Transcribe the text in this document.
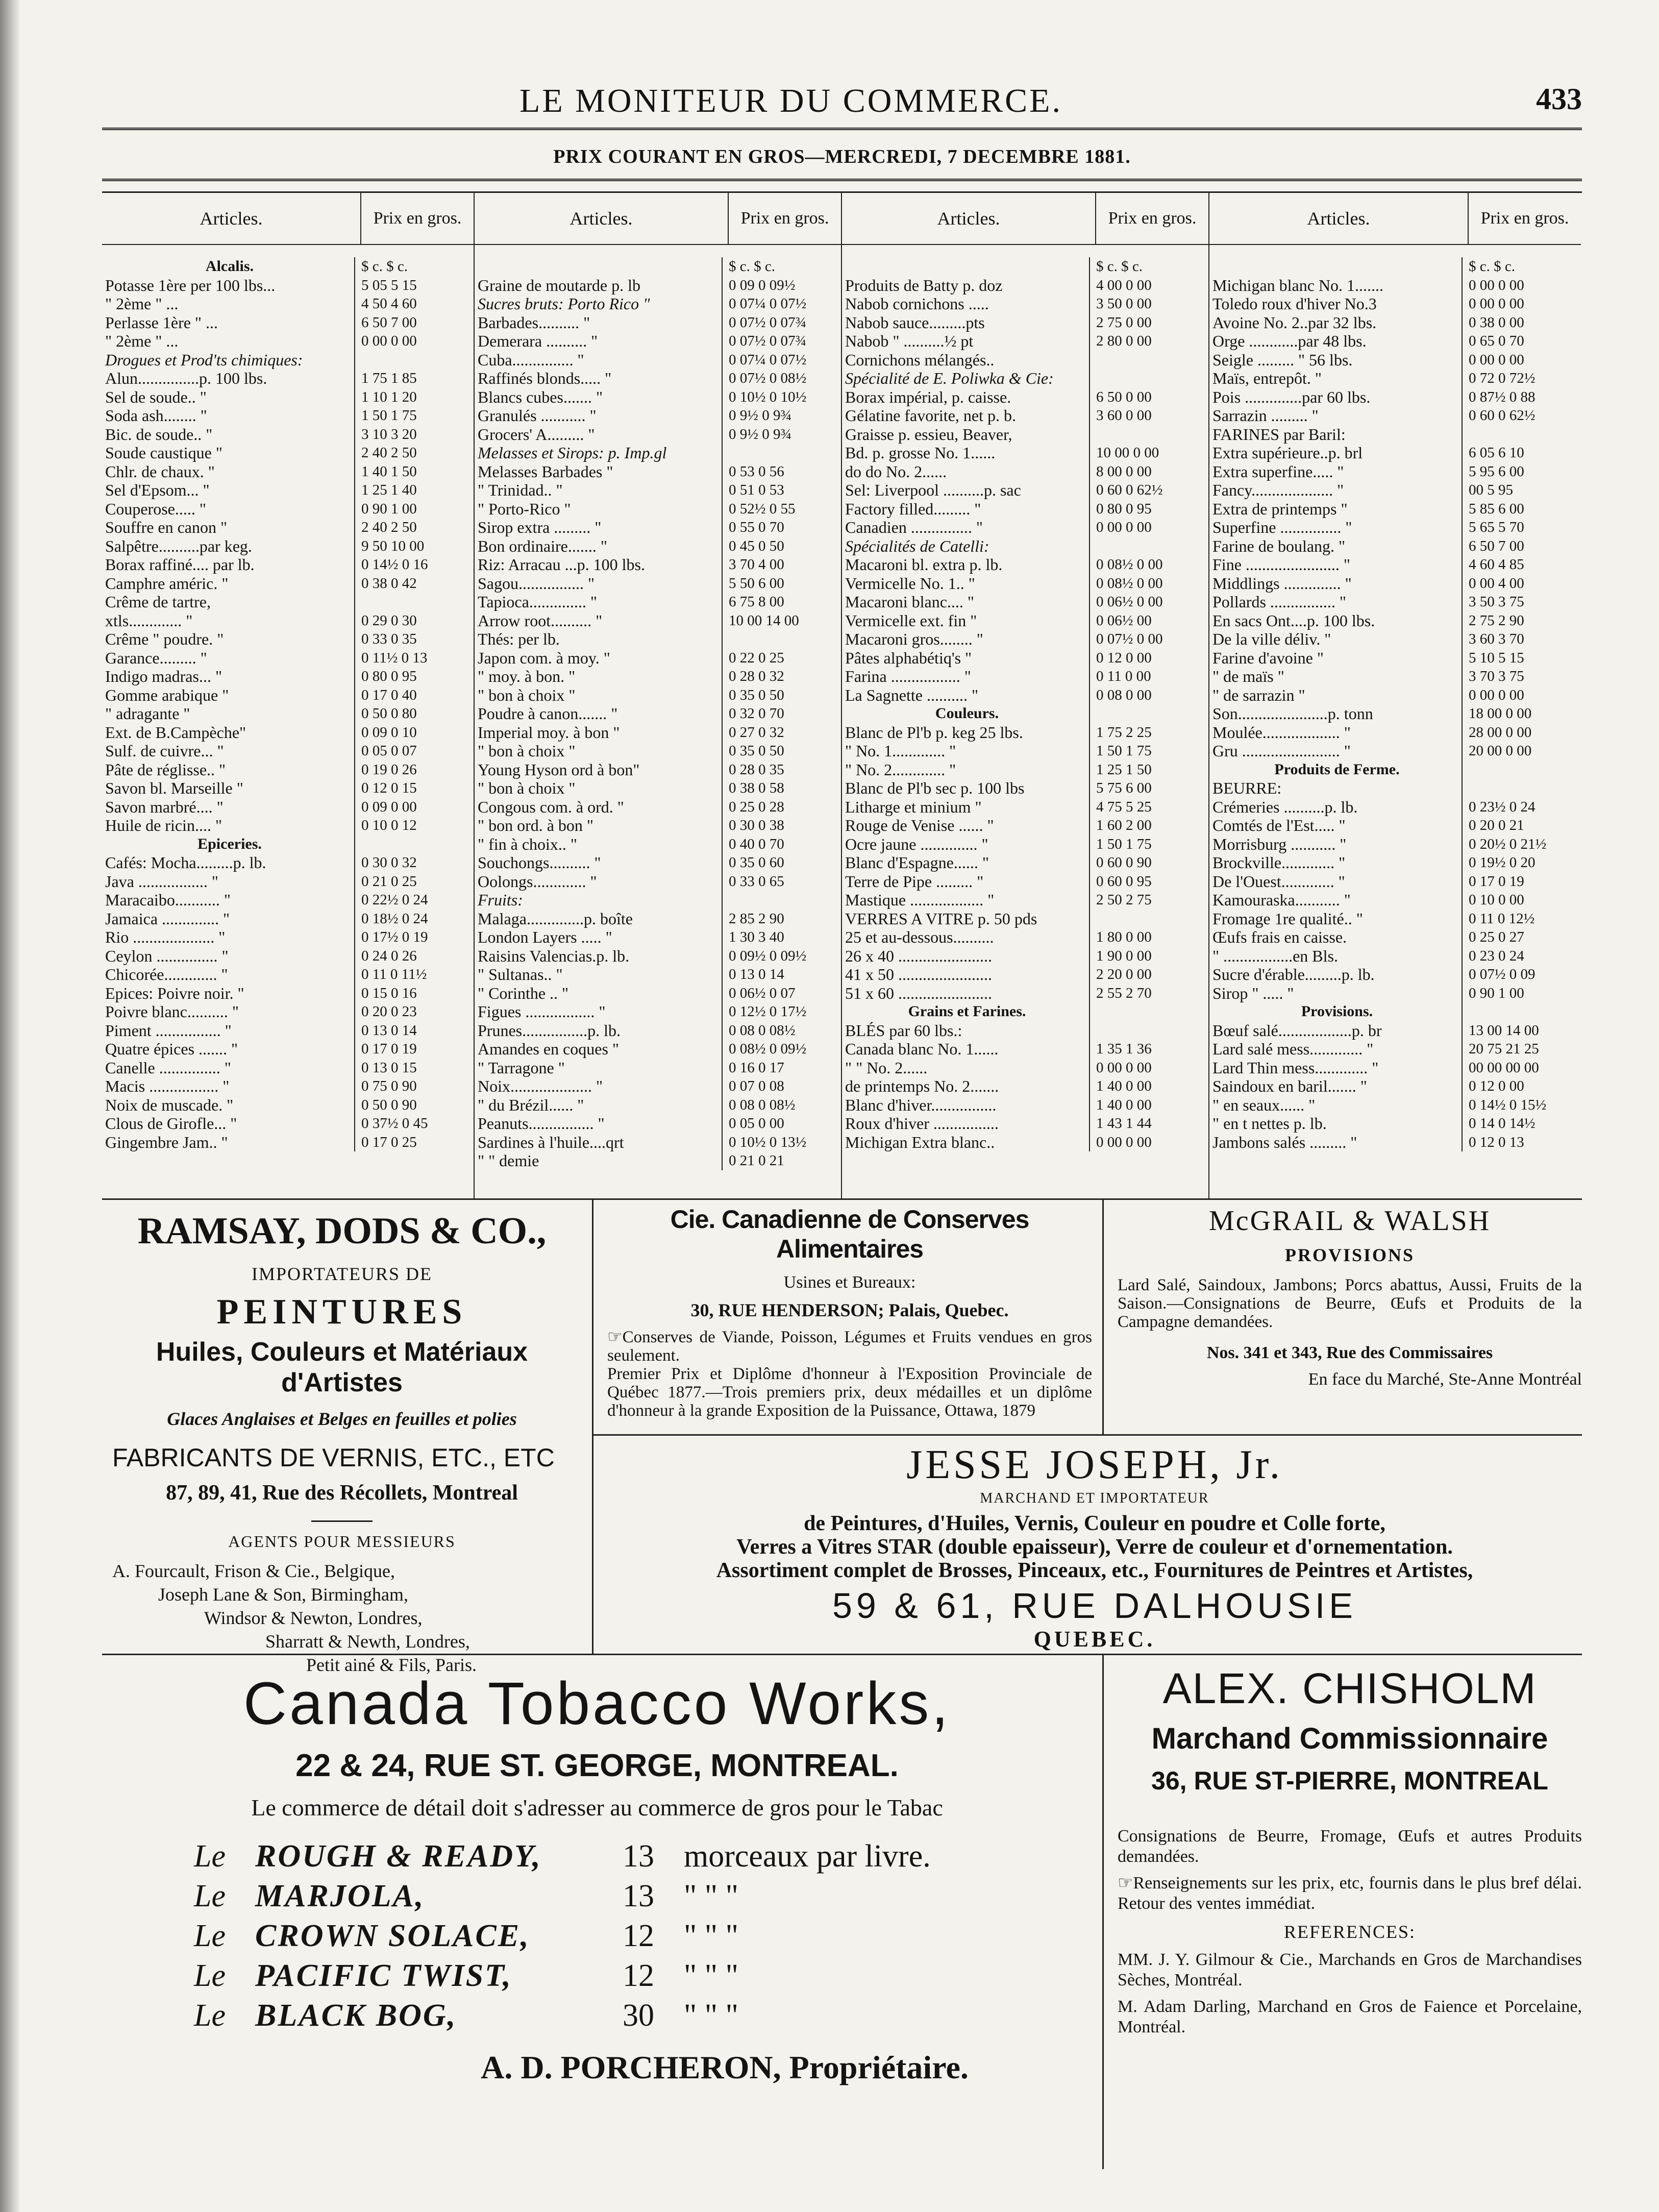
LE MONITEUR DU COMMERCE.	433
PRIX COURANT EN GROS—MERCREDI, 7 DECEMBRE 1881.
Articles.	Prix en gros.
Alcalis.	$ c. $ c.
Potasse 1ère per 100 lbs...	5 05 5 15
" 2ème " ...	4 50 4 60
Perlasse 1ère " ...	6 50 7 00
" 2ème " ...	0 00 0 00
Drogues et Prod'ts chimiques:
Alun...............p. 100 lbs.	1 75 1 85
Sel de soude.. "	1 10 1 20
Soda ash........ "	1 50 1 75
Bic. de soude.. "	3 10 3 20
Soude caustique "	2 40 2 50
Chlr. de chaux. "	1 40 1 50
Sel d'Epsom... "	1 25 1 40
Couperose..... "	0 90 1 00
Souffre en canon "	2 40 2 50
Salpêtre..........par keg.	9 50 10 00
Borax raffiné.... par lb.	0 14½ 0 16
Camphre améric. "	0 38 0 42
Crême de tartre,
xtls............. "	0 29 0 30
Crême " poudre. "	0 33 0 35
Garance......... "	0 11½ 0 13
Indigo madras... "	0 80 0 95
Gomme arabique "	0 17 0 40
" adragante "	0 50 0 80
Ext. de B.Campèche"	0 09 0 10
Sulf. de cuivre... "	0 05 0 07
Pâte de réglisse.. "	0 19 0 26
Savon bl. Marseille "	0 12 0 15
Savon marbré.... "	0 09 0 00
Huile de ricin.... "	0 10 0 12
Epiceries.
Cafés: Mocha.........p. lb.	0 30 0 32
Java ................. "	0 21 0 25
Maracaibo........... "	0 22½ 0 24
Jamaica .............. "	0 18½ 0 24
Rio .................... "	0 17½ 0 19
Ceylon ............... "	0 24 0 26
Chicorée............. "	0 11 0 11½
Epices: Poivre noir. "	0 15 0 16
Poivre blanc.......... "	0 20 0 23
Piment ................ "	0 13 0 14
Quatre épices ....... "	0 17 0 19
Canelle ............... "	0 13 0 15
Macis ................. "	0 75 0 90
Noix de muscade. "	0 50 0 90
Clous de Girofle... "	0 37½ 0 45
Gingembre Jam.. "	0 17 0 25
Articles.	Prix en gros.
$ c. $ c.
Graine de moutarde p. lb	0 09 0 09½
Sucres bruts: Porto Rico "	0 07¼ 0 07½
Barbades.......... "	0 07½ 0 07¾
Demerara .......... "	0 07½ 0 07¾
Cuba............... "	0 07¼ 0 07½
Raffinés blonds..... "	0 07½ 0 08½
Blancs cubes....... "	0 10½ 0 10½
Granulés ........... "	0 9½ 0 9¾
Grocers' A......... "	0 9½ 0 9¾
Melasses et Sirops: p. Imp.gl
Melasses Barbades "	0 53 0 56
" Trinidad.. "	0 51 0 53
" Porto-Rico "	0 52½ 0 55
Sirop extra ......... "	0 55 0 70
Bon ordinaire....... "	0 45 0 50
Riz: Arracau ...p. 100 lbs.	3 70 4 00
Sagou................ "	5 50 6 00
Tapioca.............. "	6 75 8 00
Arrow root.......... "	10 00 14 00
Thés: per lb.
Japon com. à moy. "	0 22 0 25
" moy. à bon. "	0 28 0 32
" bon à choix "	0 35 0 50
Poudre à canon....... "	0 32 0 70
Imperial moy. à bon "	0 27 0 32
" bon à choix "	0 35 0 50
Young Hyson ord à bon"	0 28 0 35
" bon à choix "	0 38 0 58
Congous com. à ord. "	0 25 0 28
" bon ord. à bon "	0 30 0 38
" fin à choix.. "	0 40 0 70
Souchongs.......... "	0 35 0 60
Oolongs............. "	0 33 0 65
Fruits:
Malaga..............p. boîte	2 85 2 90
London Layers ..... "	1 30 3 40
Raisins Valencias.p. lb.	0 09½ 0 09½
" Sultanas.. "	0 13 0 14
" Corinthe .. "	0 06½ 0 07
Figues ................. "	0 12½ 0 17½
Prunes................p. lb.	0 08 0 08½
Amandes en coques "	0 08½ 0 09½
" Tarragone "	0 16 0 17
Noix.................... "	0 07 0 08
" du Brézil...... "	0 08 0 08½
Peanuts................ "	0 05 0 00
Sardines à l'huile....qrt	0 10½ 0 13½
" " demie	0 21 0 21
Articles.	Prix en gros.
$ c. $ c.
Produits de Batty p. doz	4 00 0 00
Nabob cornichons .....	3 50 0 00
Nabob sauce.........pts	2 75 0 00
Nabob " ..........½ pt	2 80 0 00
Cornichons mélangés..
Spécialité de E. Poliwka & Cie:
Borax impérial, p. caisse.	6 50 0 00
Gélatine favorite, net p. b.	3 60 0 00
Graisse p. essieu, Beaver,
Bd. p. grosse No. 1......	10 00 0 00
do do No. 2......	8 00 0 00
Sel: Liverpool ..........p. sac	0 60 0 62½
Factory filled......... "	0 80 0 95
Canadien ............... "	0 00 0 00
Spécialités de Catelli:
Macaroni bl. extra p. lb.	0 08½ 0 00
Vermicelle No. 1.. "	0 08½ 0 00
Macaroni blanc.... "	0 06½ 0 00
Vermicelle ext. fin "	0 06½ 00
Macaroni gros........ "	0 07½ 0 00
Pâtes alphabétiq's "	0 12 0 00
Farina ................. "	0 11 0 00
La Sagnette .......... "	0 08 0 00
Couleurs.
Blanc de Pl'b p. keg 25 lbs.	1 75 2 25
" No. 1............. "	1 50 1 75
" No. 2............. "	1 25 1 50
Blanc de Pl'b sec p. 100 lbs	5 75 6 00
Litharge et minium "	4 75 5 25
Rouge de Venise ...... "	1 60 2 00
Ocre jaune .............. "	1 50 1 75
Blanc d'Espagne...... "	0 60 0 90
Terre de Pipe ......... "	0 60 0 95
Mastique .................. "	2 50 2 75
VERRES A VITRE p. 50 pds
25 et au-dessous..........	1 80 0 00
26 x 40 .......................	1 90 0 00
41 x 50 .......................	2 20 0 00
51 x 60 .......................	2 55 2 70
Grains et Farines.
BLÉS par 60 lbs.:
Canada blanc No. 1......	1 35 1 36
" " No. 2......	0 00 0 00
de printemps No. 2.......	1 40 0 00
Blanc d'hiver................	1 40 0 00
Roux d'hiver ................	1 43 1 44
Michigan Extra blanc..	0 00 0 00
Articles.	Prix en gros.
$ c. $ c.
Michigan blanc No. 1.......	0 00 0 00
Toledo roux d'hiver No.3	0 00 0 00
Avoine No. 2..par 32 lbs.	0 38 0 00
Orge ............par 48 lbs.	0 65 0 70
Seigle ......... " 56 lbs.	0 00 0 00
Maïs, entrepôt. "	0 72 0 72½
Pois ..............par 60 lbs.	0 87½ 0 88
Sarrazin ......... "	0 60 0 62½
FARINES par Baril:
Extra supérieure..p. brl	6 05 6 10
Extra superfine..... "	5 95 6 00
Fancy.................... "	00 5 95
Extra de printemps "	5 85 6 00
Superfine ............... "	5 65 5 70
Farine de boulang. "	6 50 7 00
Fine ....................... "	4 60 4 85
Middlings .............. "	0 00 4 00
Pollards ................ "	3 50 3 75
En sacs Ont....p. 100 lbs.	2 75 2 90
De la ville déliv. "	3 60 3 70
Farine d'avoine "	5 10 5 15
" de maïs "	3 70 3 75
" de sarrazin "	0 00 0 00
Son......................p. tonn	18 00 0 00
Moulée................... "	28 00 0 00
Gru ........................ "	20 00 0 00
Produits de Ferme.
BEURRE:
Crémeries ..........p. lb.	0 23½ 0 24
Comtés de l'Est..... "	0 20 0 21
Morrisburg ........... "	0 20½ 0 21½
Brockville............. "	0 19½ 0 20
De l'Ouest............. "	0 17 0 19
Kamouraska........... "	0 10 0 00
Fromage 1re qualité.. "	0 11 0 12½
Œufs frais en caisse.	0 25 0 27
" .................en Bls.	0 23 0 24
Sucre d'érable.........p. lb.	0 07½ 0 09
Sirop " ..... "	0 90 1 00
Provisions.
Bœuf salé..................p. br	13 00 14 00
Lard salé mess............. "	20 75 21 25
Lard Thin mess............. "	00 00 00 00
Saindoux en baril....... "	0 12 0 00
" en seaux...... "	0 14½ 0 15½
" en t nettes p. lb.	0 14 0 14½
Jambons salés ......... "	0 12 0 13
RAMSAY, DODS & CO.,
IMPORTATEURS DE
PEINTURES
Huiles, Couleurs et Matériaux d'Artistes
Glaces Anglaises et Belges en feuilles et polies
FABRICANTS DE VERNIS, ETC., ETC
87, 89, 41, Rue des Récollets, Montreal
AGENTS POUR MESSIEURS
A. Fourcault, Frison & Cie., Belgique,
Joseph Lane & Son, Birmingham,
Windsor & Newton, Londres,
Sharratt & Newth, Londres,
Petit ainé & Fils, Paris.
Cie. Canadienne de Conserves Alimentaires
Usines et Bureaux:
30, RUE HENDERSON; Palais, Quebec.
☞Conserves de Viande, Poisson, Légumes et Fruits vendues en gros seulement.
Premier Prix et Diplôme d'honneur à l'Exposition Provinciale de Québec 1877.—Trois premiers prix, deux médailles et un diplôme d'honneur à la grande Exposition de la Puissance, Ottawa, 1879
McGRAIL & WALSH
PROVISIONS
Lard Salé, Saindoux, Jambons; Porcs abattus, Aussi, Fruits de la Saison.—Consignations de Beurre, Œufs et Produits de la Campagne demandées.
Nos. 341 et 343, Rue des Commissaires
En face du Marché, Ste-Anne Montréal
JESSE JOSEPH, Jr.
MARCHAND ET IMPORTATEUR
de Peintures, d'Huiles, Vernis, Couleur en poudre et Colle forte,
Verres a Vitres STAR (double epaisseur), Verre de couleur et d'ornementation.
Assortiment complet de Brosses, Pinceaux, etc., Fournitures de Peintres et Artistes,
59 & 61, RUE DALHOUSIE
QUEBEC.
Canada Tobacco Works,
22 & 24, RUE ST. GEORGE, MONTREAL.
Le commerce de détail doit s'adresser au commerce de gros pour le Tabac
Le ROUGH & READY,	13 morceaux par livre.
Le MARJOLA,	13 " " "
Le CROWN SOLACE,	12 " " "
Le PACIFIC TWIST,	12 " " "
Le BLACK BOG,	30 " " "
A. D. PORCHERON, Propriétaire.
ALEX. CHISHOLM
Marchand Commissionnaire
36, RUE ST-PIERRE, MONTREAL
Consignations de Beurre, Fromage, Œufs et autres Produits demandées.
☞Renseignements sur les prix, etc, fournis dans le plus bref délai. Retour des ventes immédiat.
REFERENCES:
MM. J. Y. Gilmour & Cie., Marchands en Gros de Marchandises Sèches, Montréal.
M. Adam Darling, Marchand en Gros de Faience et Porcelaine, Montréal.
